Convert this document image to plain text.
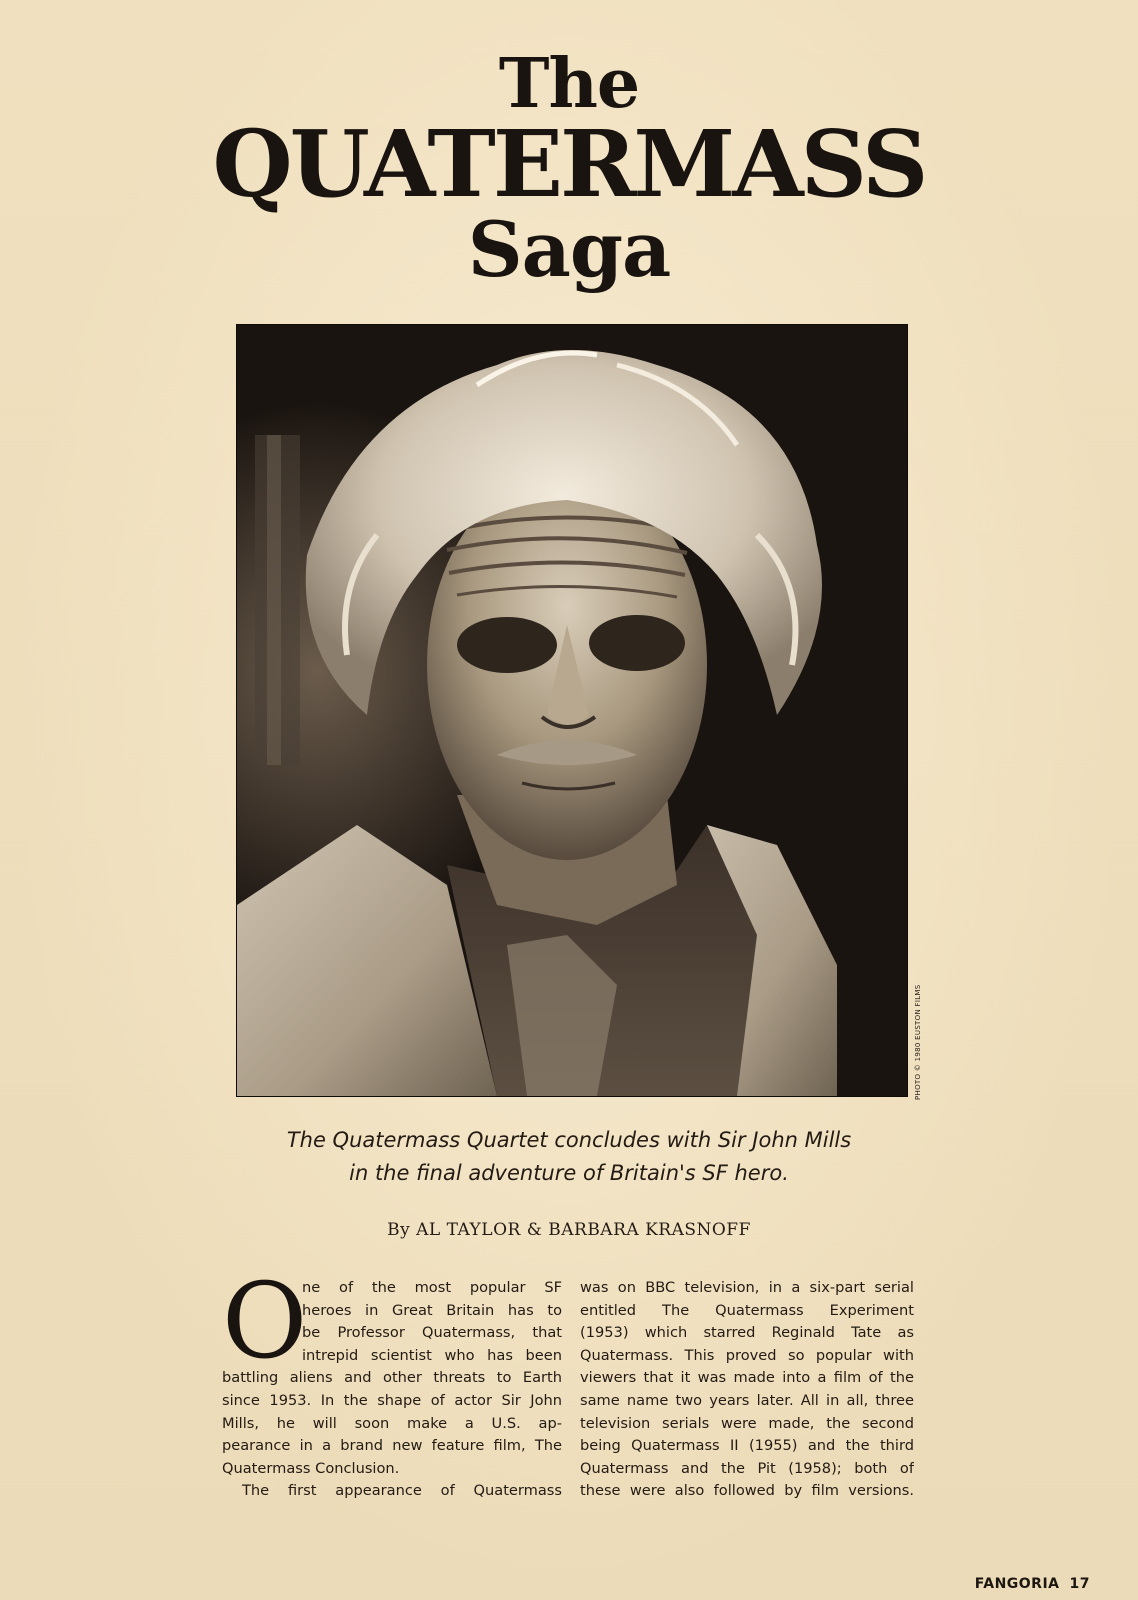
The
QUATERMASS
Saga
PHOTO © 1980 EUSTON FILMS
The Quatermass Quartet concludes with Sir John Mills
in the final adventure of Britain's SF hero.
By AL TAYLOR & BARBARA KRASNOFF
O
ne of the most popular SF
heroes in Great Britain has to
be Professor Quatermass, that
intrepid scientist who has been
battling aliens and other threats to Earth
since 1953. In the shape of actor Sir John
Mills, he will soon make a U.S. ap-
pearance in a brand new feature film, The
Quatermass Conclusion.
The first appearance of Quatermass
was on BBC television, in a six-part serial
entitled The Quatermass Experiment
(1953) which starred Reginald Tate as
Quatermass. This proved so popular with
viewers that it was made into a film of the
same name two years later. All in all, three
television serials were made, the second
being Quatermass II (1955) and the third
Quatermass and the Pit (1958); both of
these were also followed by film versions.
FANGORIA 17
